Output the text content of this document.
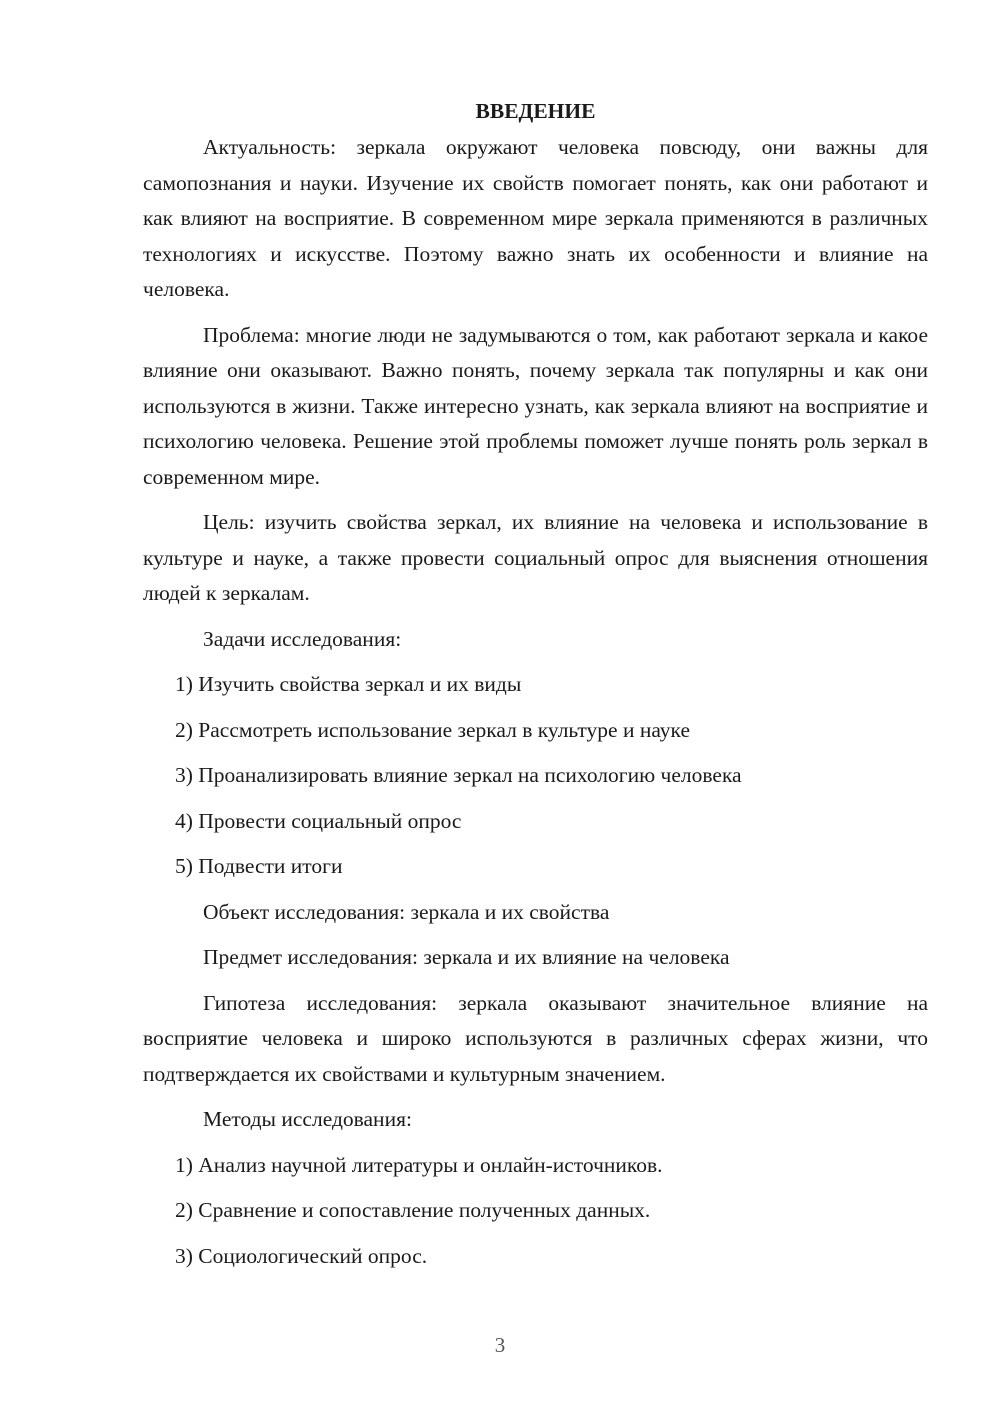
ВВЕДЕНИЕ

Актуальность: зеркала окружают человека повсюду, они важны для самопознания и науки. Изучение их свойств помогает понять, как они работают и как влияют на восприятие. В современном мире зеркала применяются в различных технологиях и искусстве. Поэтому важно знать их особенности и влияние на человека.

Проблема: многие люди не задумываются о том, как работают зеркала и какое влияние они оказывают. Важно понять, почему зеркала так популярны и как они используются в жизни. Также интересно узнать, как зеркала влияют на восприятие и психологию человека. Решение этой проблемы поможет лучше понять роль зеркал в современном мире.

Цель: изучить свойства зеркал, их влияние на человека и использование в культуре и науке, а также провести социальный опрос для выяснения отношения людей к зеркалам.

Задачи исследования:

1) Изучить свойства зеркал и их виды

2) Рассмотреть использование зеркал в культуре и науке

3) Проанализировать влияние зеркал на психологию человека

4) Провести социальный опрос

5) Подвести итоги

Объект исследования: зеркала и их свойства

Предмет исследования: зеркала и их влияние на человека

Гипотеза исследования: зеркала оказывают значительное влияние на восприятие человека и широко используются в различных сферах жизни, что подтверждается их свойствами и культурным значением.

Методы исследования:

1) Анализ научной литературы и онлайн-источников.

2) Сравнение и сопоставление полученных данных.

3) Социологический опрос.

3
